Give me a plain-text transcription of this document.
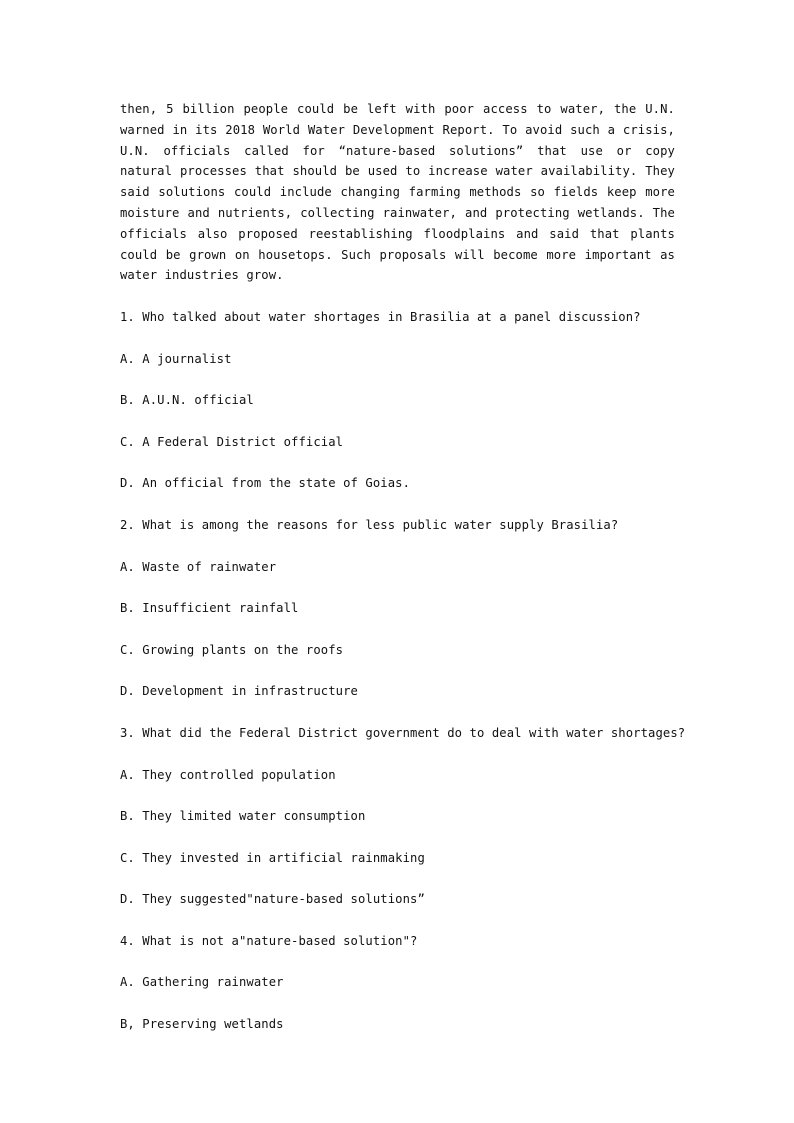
then, 5 billion people could be left with poor access to water, the U.N. warned in its 2018 World Water Development Report. To avoid such a crisis, U.N. officials called for “nature-based solutions” that use or copy natural processes that should be used to increase water availability. They said solutions could include changing farming methods so fields keep more moisture and nutrients, collecting rainwater, and protecting wetlands. The officials also proposed reestablishing floodplains and said that plants could be grown on housetops. Such proposals will become more important as water industries grow.

1. Who talked about water shortages in Brasilia at a panel discussion?

A. A journalist

B. A.U.N. official

C. A Federal District official

D. An official from the state of Goias.

2. What is among the reasons for less public water supply Brasilia?

A. Waste of rainwater

B. Insufficient rainfall

C. Growing plants on the roofs

D. Development in infrastructure

3. What did the Federal District government do to deal with water shortages?

A. They controlled population

B. They limited water consumption

C. They invested in artificial rainmaking

D. They suggested"nature-based solutions”

4. What is not a"nature-based solution"?

A. Gathering rainwater

B, Preserving wetlands
